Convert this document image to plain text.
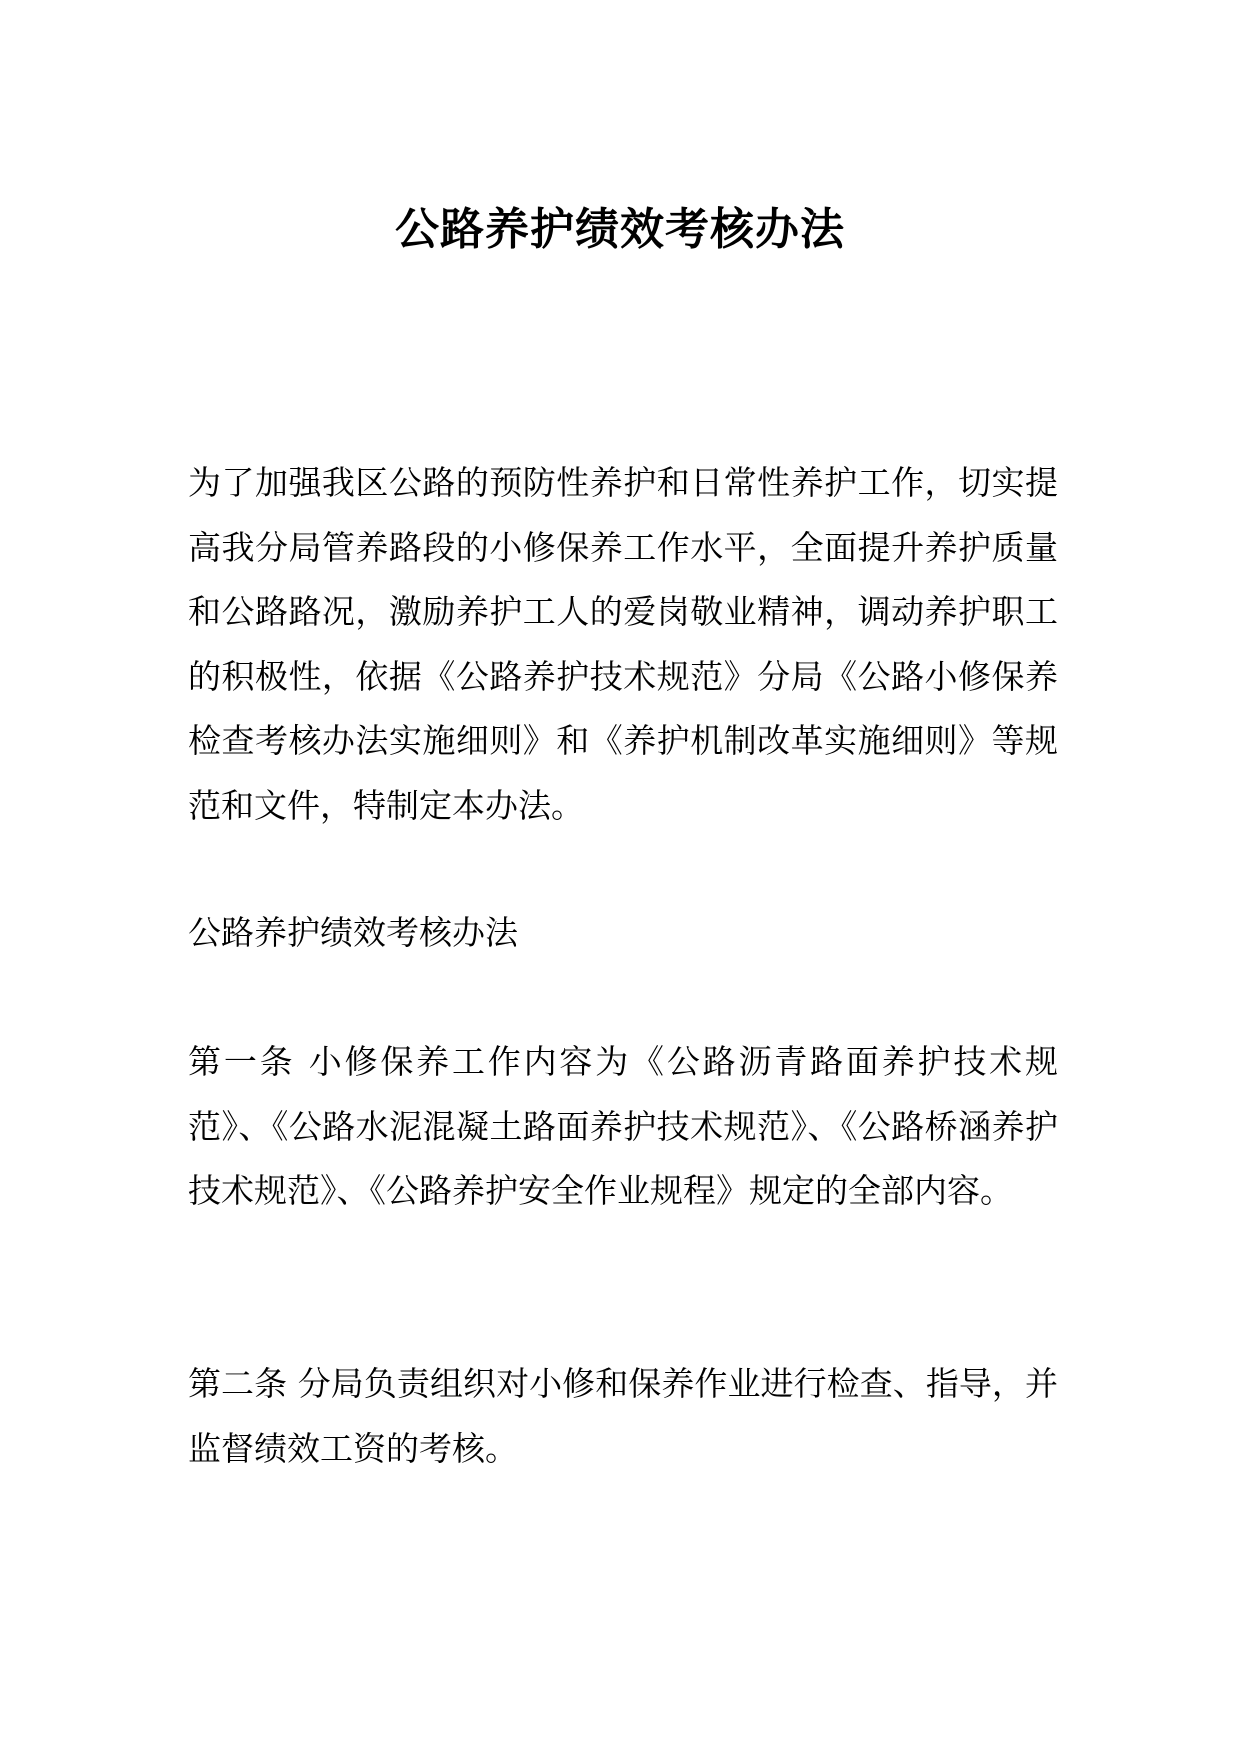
公路养护绩效考核办法

为了加强我区公路的预防性养护和日常性养护工作，切实提高我分局管养路段的小修保养工作水平，全面提升养护质量和公路路况，激励养护工人的爱岗敬业精神，调动养护职工的积极性，依据《公路养护技术规范》分局《公路小修保养检查考核办法实施细则》和《养护机制改革实施细则》等规范和文件，特制定本办法。

公路养护绩效考核办法

第一条 小修保养工作内容为《公路沥青路面养护技术规范》、《公路水泥混凝土路面养护技术规范》、《公路桥涵养护技术规范》、《公路养护安全作业规程》规定的全部内容。

第二条 分局负责组织对小修和保养作业进行检查、指导，并监督绩效工资的考核。
